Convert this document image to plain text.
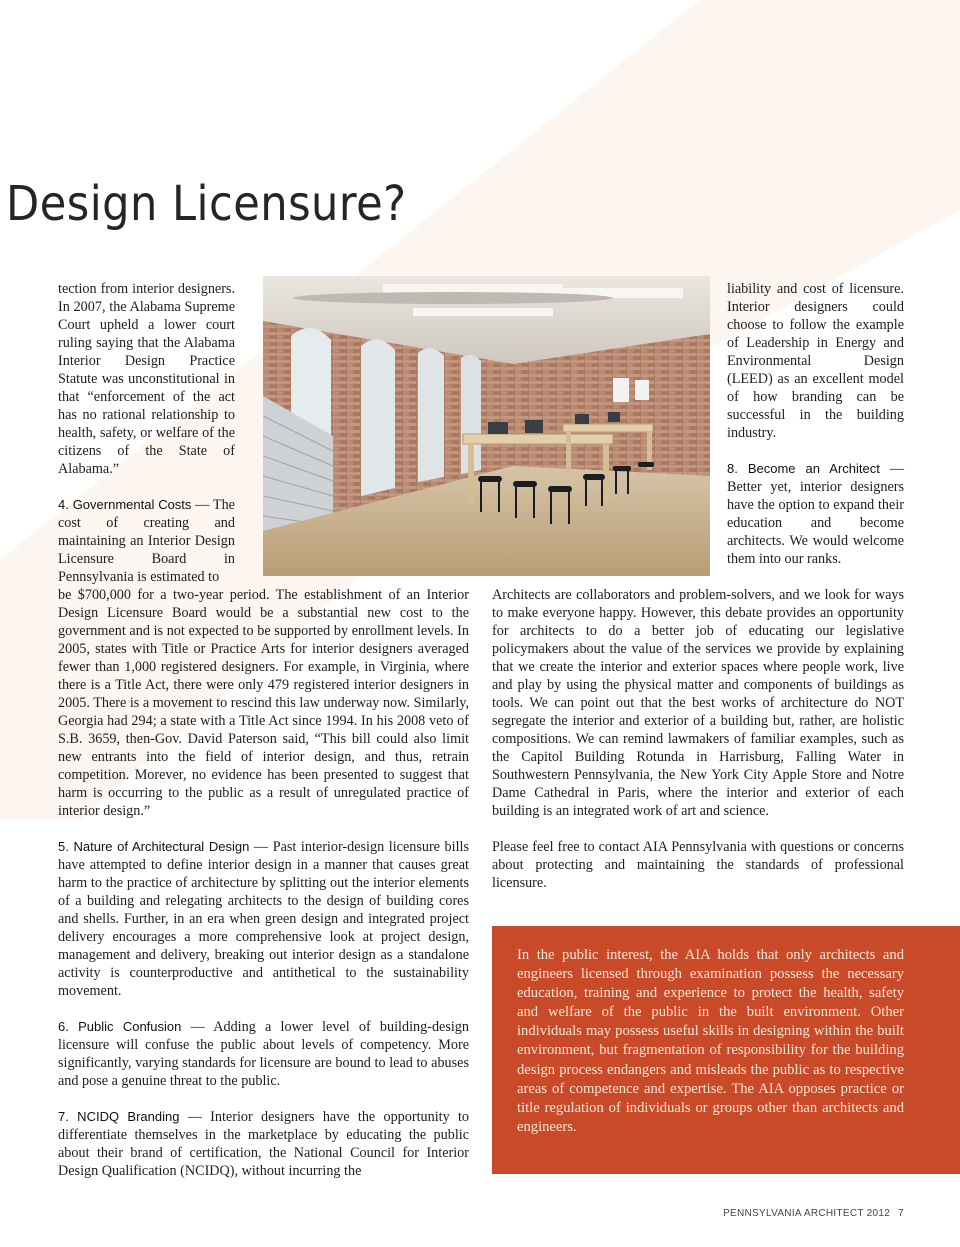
Design Licensure?

tection from interior designers. In 2007, the Alabama Supreme Court upheld a lower court ruling saying that the Alabama Interior Design Practice Statute was unconstitutional in that “enforcement of the act has no rational relationship to health, safety, or welfare of the citizens of the State of Alabama.”

4. Governmental Costs — The cost of creating and maintaining an Interior Design Licensure Board in Pennsylvania is estimated to

be $700,000 for a two-year period. The establishment of an Interior Design Licensure Board would be a substantial new cost to the government and is not expected to be supported by enrollment levels. In 2005, states with Title or Practice Arts for interior designers averaged fewer than 1,000 registered designers. For example, in Virginia, where there is a Title Act, there were only 479 registered interior designers in 2005. There is a movement to rescind this law underway now. Similarly, Georgia had 294; a state with a Title Act since 1994. In his 2008 veto of S.B. 3659, then-Gov. David Paterson said, “This bill could also limit new entrants into the field of interior design, and thus, retrain competition. Morever, no evidence has been presented to suggest that harm is occurring to the public as a result of unregulated practice of interior design.”

5. Nature of Architectural Design — Past interior-design licensure bills have attempted to define interior design in a manner that causes great harm to the practice of architecture by splitting out the interior elements of a building and relegating architects to the design of building cores and shells. Further, in an era when green design and integrated project delivery encourages a more comprehensive look at project design, management and delivery, breaking out interior design as a standalone activity is counterproductive and antithetical to the sustainability movement.

6. Public Confusion — Adding a lower level of building-design licensure will confuse the public about levels of competency. More significantly, varying standards for licensure are bound to lead to abuses and pose a genuine threat to the public.

7. NCIDQ Branding — Interior designers have the opportunity to differentiate themselves in the marketplace by educating the public about their brand of certification, the National Council for Interior Design Qualification (NCIDQ), without incurring the

liability and cost of licensure. Interior designers could choose to follow the example of Leadership in Energy and Environmental Design (LEED) as an excellent model of how branding can be successful in the building industry.

8. Become an Architect — Better yet, interior designers have the option to expand their education and become architects. We would welcome them into our ranks.

Architects are collaborators and problem-solvers, and we look for ways to make everyone happy. However, this debate provides an opportunity for architects to do a better job of educating our legislative policymakers about the value of the services we provide by explaining that we create the interior and exterior spaces where people work, live and play by using the physical matter and components of buildings as tools. We can point out that the best works of architecture do NOT segregate the interior and exterior of a building but, rather, are holistic compositions. We can remind lawmakers of familiar examples, such as the Capitol Building Rotunda in Harrisburg, Falling Water in Southwestern Pennsylvania, the New York City Apple Store and Notre Dame Cathedral in Paris, where the interior and exterior of each building is an integrated work of art and science.

Please feel free to contact AIA Pennsylvania with questions or concerns about protecting and maintaining the standards of professional licensure.

In the public interest, the AIA holds that only architects and engineers licensed through examination possess the necessary education, training and experience to protect the health, safety and welfare of the public in the built environment. Other individuals may possess useful skills in designing within the built environment, but fragmentation of responsibility for the building design process endangers and misleads the public as to respective areas of competence and expertise. The AIA opposes practice or title regulation of individuals or groups other than architects and engineers.

PENNSYLVANIA ARCHITECT 2012 7
